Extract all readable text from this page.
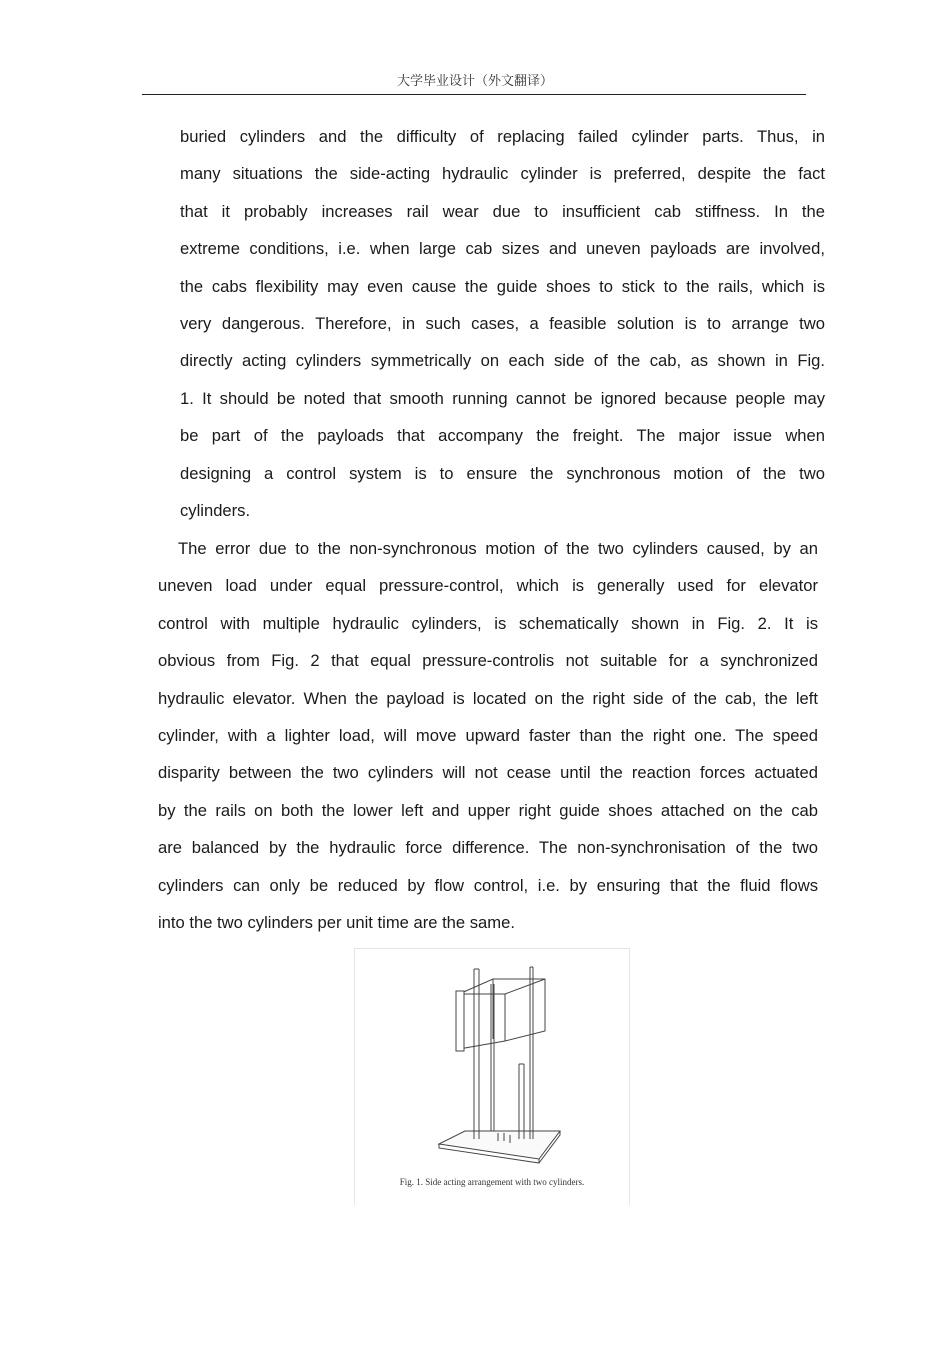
大学毕业设计（外文翻译）
buried cylinders and the difficulty of replacing failed cylinder parts. Thus, in
many situations the side-acting hydraulic cylinder is preferred, despite the fact
that it probably increases rail wear due to insufficient cab stiffness. In the
extreme conditions, i.e. when large cab sizes and uneven payloads are involved,
the cabs flexibility may even cause the guide shoes to stick to the rails, which is
very dangerous. Therefore, in such cases, a feasible solution is to arrange two
directly acting cylinders symmetrically on each side of the cab, as shown in Fig.
1. It should be noted that smooth running cannot be ignored because people may
be part of the payloads that accompany the freight. The major issue when
designing a control system is to ensure the synchronous motion of the two
cylinders.
The error due to the non-synchronous motion of the two cylinders caused, by an
uneven load under equal pressure-control, which is generally used for elevator
control with multiple hydraulic cylinders, is schematically shown in Fig. 2. It is
obvious from Fig. 2 that equal pressure-controlis not suitable for a synchronized
hydraulic elevator. When the payload is located on the right side of the cab, the left
cylinder, with a lighter load, will move upward faster than the right one. The speed
disparity between the two cylinders will not cease until the reaction forces actuated
by the rails on both the lower left and upper right guide shoes attached on the cab
are balanced by the hydraulic force difference. The non-synchronisation of the two
cylinders can only be reduced by flow control, i.e. by ensuring that the fluid flows
into the two cylinders per unit time are the same.
Fig. 1. Side acting arrangement with two cylinders.
